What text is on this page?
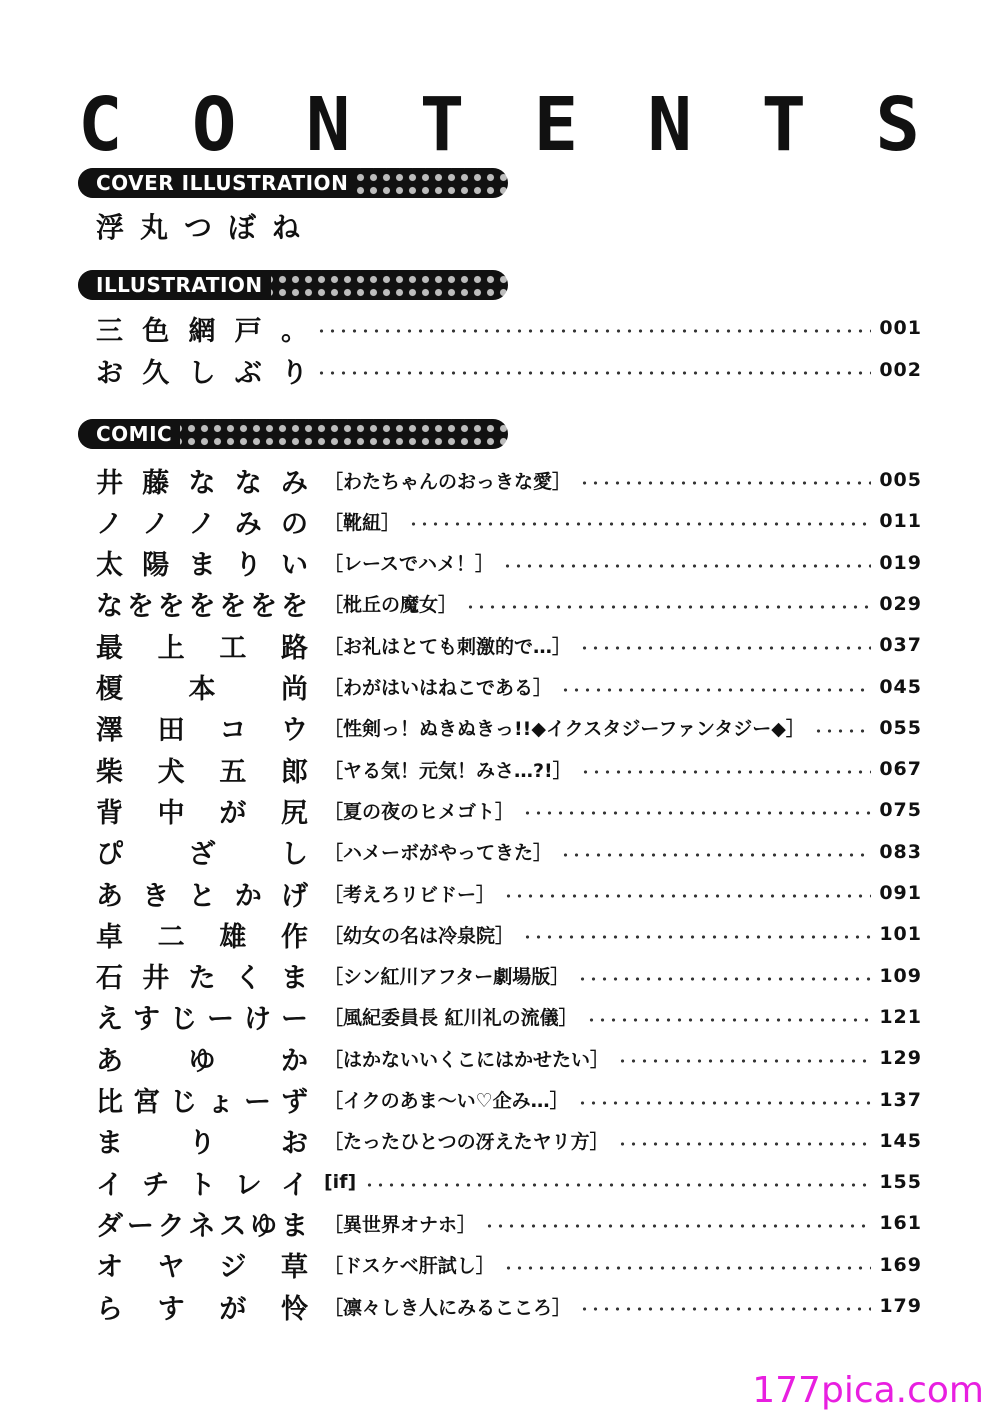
C O N T E N T S
COVER ILLUSTRATION
浮丸つぼね
ILLUSTRATION
三 色 網 戸 。	001
お 久 し ぶ り	002
COMIC
井 藤 な な み ［わたちゃんのおっきな愛］	005
ノ ノ ノ み の ［靴紐］	011
太 陽 ま り い ［レースでハメ！］	019
な を を を を を を ［枇丘の魔女］	029
最 上 工 路 ［お礼はとても刺激的で…］	037
榎 本 尚 ［わがはいはねこである］	045
澤 田 コ ウ ［性剣っ！ぬきぬきっ!!◆イクスタジーファンタジー◆］	055
柴 犬 五 郎 ［ヤる気！元気！みさ…?!］	067
背 中 が 尻 ［夏の夜のヒメゴト］	075
ぴ ざ し ［ハメーボがやってきた］	083
あ き と か げ ［考えろリビドー］	091
卓 二 雄 作 ［幼女の名は冷泉院］	101
石 井 た く ま ［シン紅川アフター劇場版］	109
え す じ ー け ー ［風紀委員長 紅川礼の流儀］	121
あ ゆ か ［はかないいくこにはかせたい］	129
比 宮 じ ょ ー ず ［イクのあま～い♡企み…］	137
ま り お ［たったひとつの冴えたヤリ方］	145
イ チ ト レ イ [if]	155
ダ ー ク ネ ス ゆ ま ［異世界オナホ］	161
オ ヤ ジ 草 ［ドスケベ肝試し］	169
ら す が 怜 ［凛々しき人にみるこころ］	179
177pica.com
